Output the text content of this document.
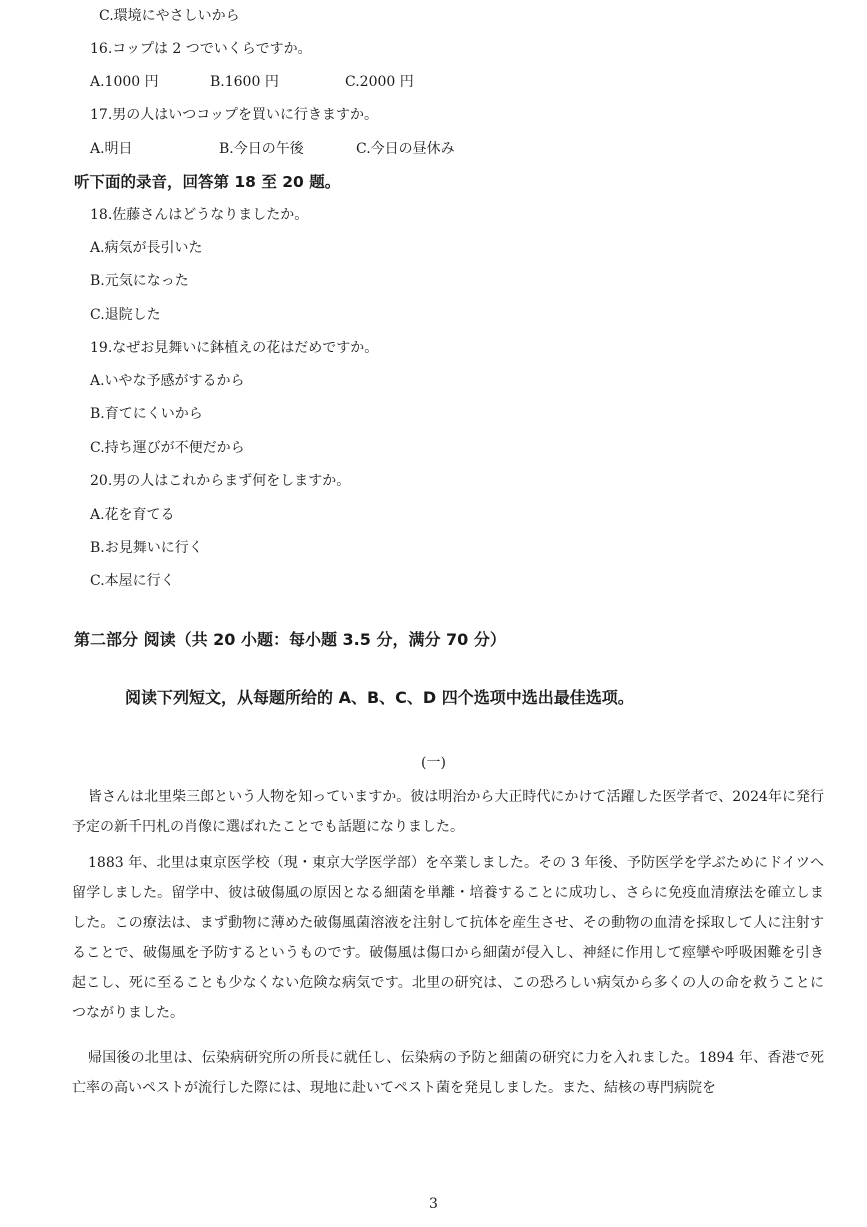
C.環境にやさしいから
16.コップは 2 つでいくらですか。
A.1000 円	B.1600 円	C.2000 円
17.男の人はいつコップを買いに行きますか。
A.明日	B.今日の午後	C.今日の昼休み
听下面的录音，回答第 18 至 20 题。
18.佐藤さんはどうなりましたか。
A.病気が長引いた
B.元気になった
C.退院した
19.なぜお見舞いに鉢植えの花はだめですか。
A.いやな予感がするから
B.育てにくいから
C.持ち運びが不便だから
20.男の人はこれからまず何をしますか。
A.花を育てる
B.お見舞いに行く
C.本屋に行く
第二部分 阅读（共 20 小题：每小题 3.5 分，满分 70 分）
阅读下列短文，从每题所给的 A、B、C、D 四个选项中选出最佳选项。
(一)
皆さんは北里柴三郎という人物を知っていますか。彼は明治から大正時代にかけて活躍した医学者で、2024年に発行予定の新千円札の肖像に選ばれたことでも話題になりました。
1883 年、北里は東京医学校（現・東京大学医学部）を卒業しました。その 3 年後、予防医学を学ぶためにドイツへ留学しました。留学中、彼は破傷風の原因となる細菌を単離・培養することに成功し、さらに免疫血清療法を確立しました。この療法は、まず動物に薄めた破傷風菌溶液を注射して抗体を産生させ、その動物の血清を採取して人に注射することで、破傷風を予防するというものです。破傷風は傷口から細菌が侵入し、神経に作用して痙攣や呼吸困難を引き起こし、死に至ることも少なくない危険な病気です。北里の研究は、この恐ろしい病気から多くの人の命を救うことにつながりました。
帰国後の北里は、伝染病研究所の所長に就任し、伝染病の予防と細菌の研究に力を入れました。1894 年、香港で死亡率の高いペストが流行した際には、現地に赴いてペスト菌を発見しました。また、結核の専門病院を
3
